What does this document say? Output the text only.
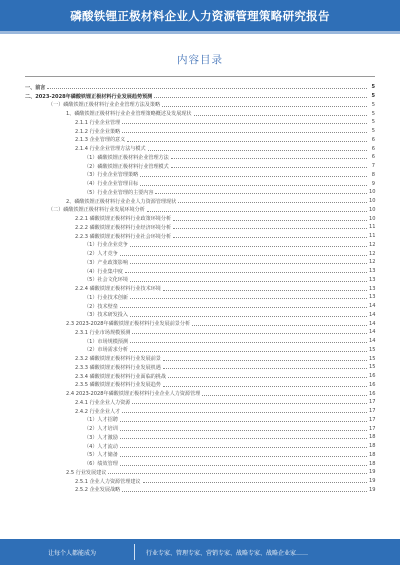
磷酸铁锂正极材料企业人力资源管理策略研究报告
内容目录
一、前言	5
二、2023-2028年磷酸铁锂正极材料行业发展趋势预测	5
（一）磷酸铁锂正极材料行业企业管理方法及策略	5
1、磷酸铁锂正极材料行业企业管理策略概述及发展现状	5
2.1.1 行业企业管理	5
2.1.2 行业企业策略	5
2.1.3 企业管理的意义	6
2.1.4 行业企业管理方法与模式	6
（1）磷酸铁锂正极材料企业管理方法	6
（2）磷酸铁锂正极材料行业管理模式	7
（3）行业企业管理策略	8
（4）行业企业管理目标	9
（5）行业企业管理的主要内容	10
2、磷酸铁锂正极材料行业企业人力资源管理现状	10
（二）磷酸铁锂正极材料行业发展环境分析	10
2.2.1 磷酸铁锂正极材料行业政策环境分析	10
2.2.2 磷酸铁锂正极材料行业经济环境分析	11
2.2.3 磷酸铁锂正极材料行业社会环境分析	11
（1）行业企业竞争	12
（2）人才竞争	12
（3）产业政策影响	12
（4）行业集中度	13
（5）社会文化环境	13
2.2.4 磷酸铁锂正极材料行业技术环境	13
（1）行业技术创新	13
（2）技术壁垒	14
（3）技术研发投入	14
2.3 2023-2028年磷酸铁锂正极材料行业发展前景分析	14
2.3.1 行业市场规模预测	14
（1）市场规模预测	14
（2）市场需求分析	15
2.3.2 磷酸铁锂正极材料行业发展前景	15
2.3.3 磷酸铁锂正极材料行业发展机遇	15
2.3.4 磷酸铁锂正极材料行业面临的挑战	16
2.3.5 磷酸铁锂正极材料行业发展趋势	16
2.4 2023-2028年磷酸铁锂正极材料行业企业人力资源管理	16
2.4.1 行业企业人力资源	17
2.4.2 行业企业人才	17
（1）人才招聘	17
（2）人才培训	17
（3）人才激励	18
（4）人才流动	18
（5）人才储备	18
（6）绩效管理	18
2.5 行业发展建议	19
2.5.1 企业人力资源管理建议	19
2.5.2 企业发展战略	19
让每个人都能成为	行业专家、管理专家、营销专家、战略专家、战略企业家……
